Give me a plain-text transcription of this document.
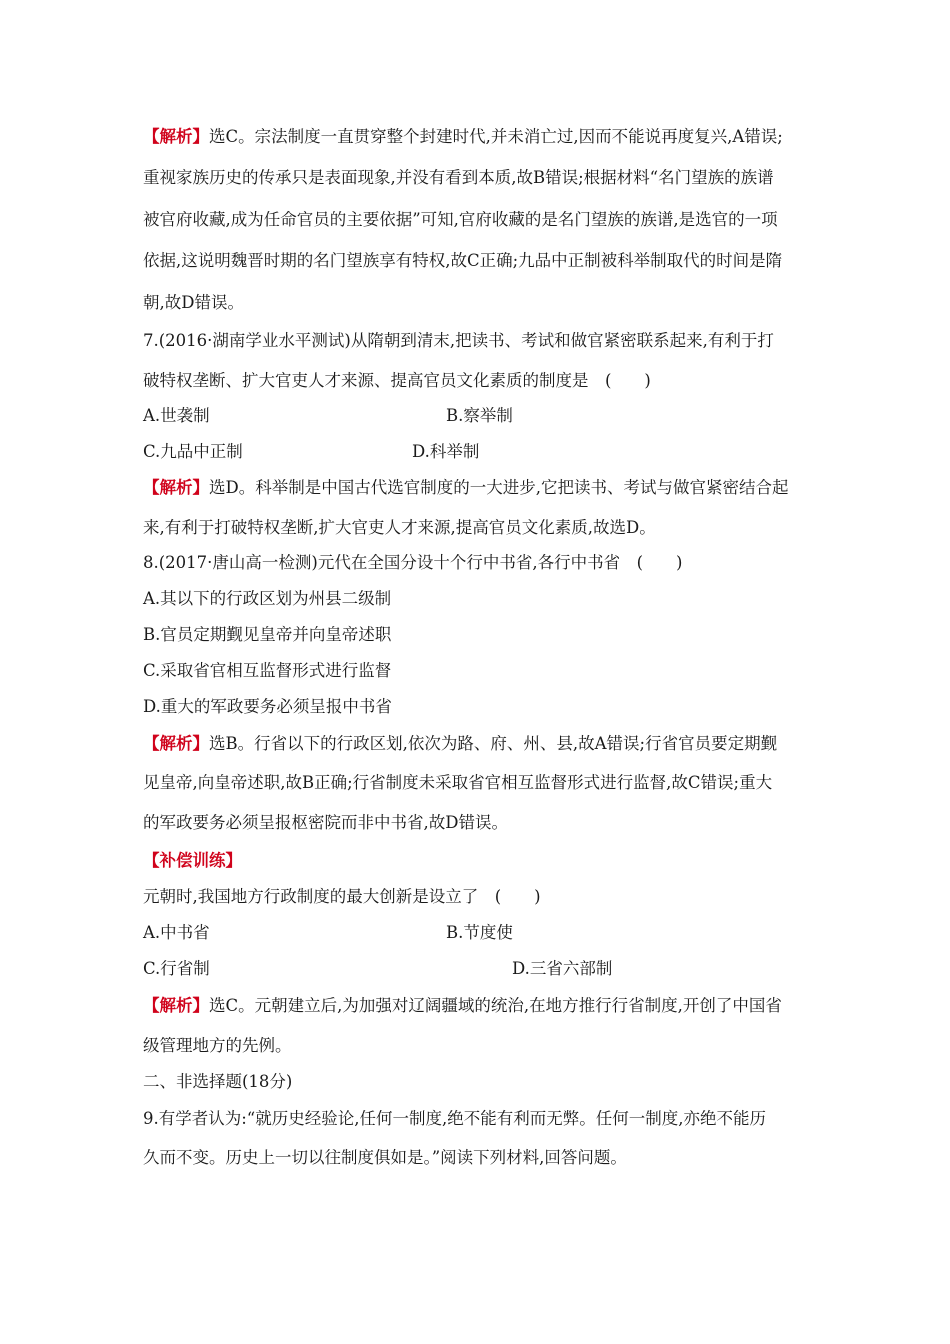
【解析】选C。宗法制度一直贯穿整个封建时代,并未消亡过,因而不能说再度复兴,A错误;
重视家族历史的传承只是表面现象,并没有看到本质,故B错误;根据材料“名门望族的族谱
被官府收藏,成为任命官员的主要依据”可知,官府收藏的是名门望族的族谱,是选官的一项
依据,这说明魏晋时期的名门望族享有特权,故C正确;九品中正制被科举制取代的时间是隋
朝,故D错误。
7.(2016·湖南学业水平测试)从隋朝到清末,把读书、考试和做官紧密联系起来,有利于打
破特权垄断、扩大官吏人才来源、提高官员文化素质的制度是　(　　)
A.世袭制	B.察举制
C.九品中正制	D.科举制
【解析】选D。科举制是中国古代选官制度的一大进步,它把读书、考试与做官紧密结合起
来,有利于打破特权垄断,扩大官吏人才来源,提高官员文化素质,故选D。
8.(2017·唐山高一检测)元代在全国分设十个行中书省,各行中书省　(　　)
A.其以下的行政区划为州县二级制
B.官员定期觐见皇帝并向皇帝述职
C.采取省官相互监督形式进行监督
D.重大的军政要务必须呈报中书省
【解析】选B。行省以下的行政区划,依次为路、府、州、县,故A错误;行省官员要定期觐
见皇帝,向皇帝述职,故B正确;行省制度未采取省官相互监督形式进行监督,故C错误;重大
的军政要务必须呈报枢密院而非中书省,故D错误。
【补偿训练】
元朝时,我国地方行政制度的最大创新是设立了　(　　)
A.中书省	B.节度使
C.行省制	D.三省六部制
【解析】选C。元朝建立后,为加强对辽阔疆域的统治,在地方推行行省制度,开创了中国省
级管理地方的先例。
二、非选择题(18分)
9.有学者认为:“就历史经验论,任何一制度,绝不能有利而无弊。任何一制度,亦绝不能历
久而不变。历史上一切以往制度俱如是。”阅读下列材料,回答问题。
